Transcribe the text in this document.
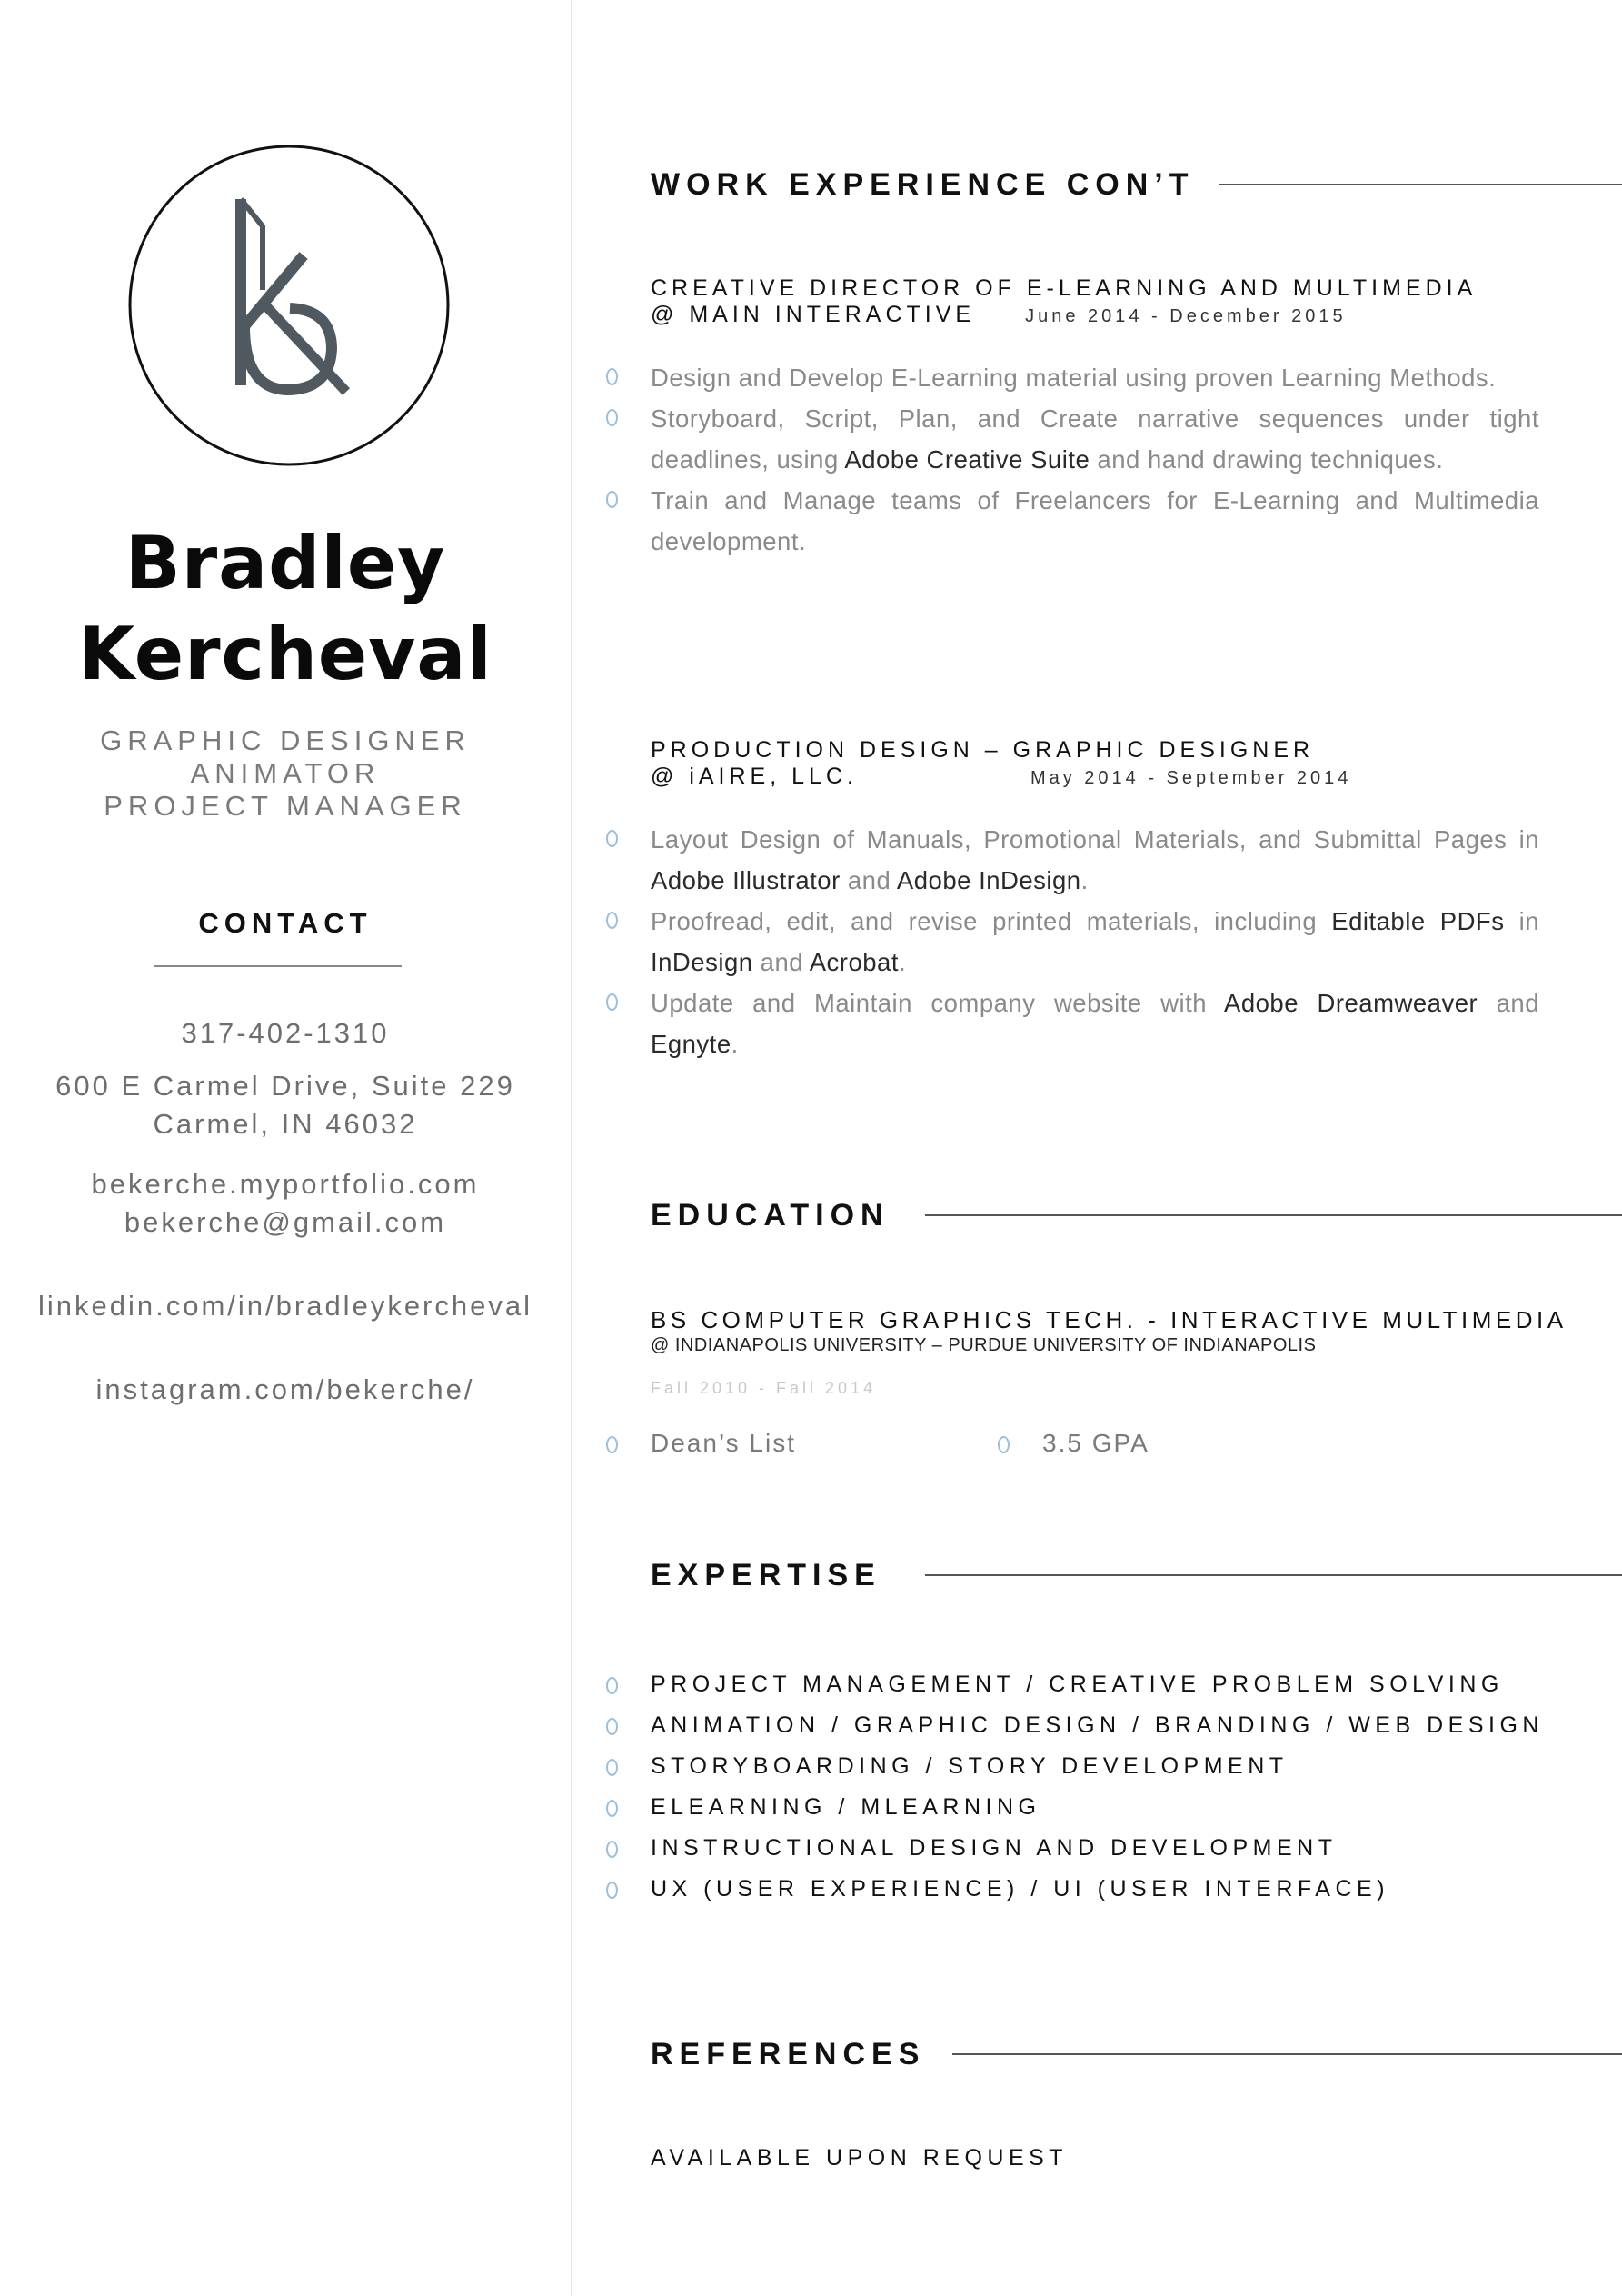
Bradley
Kercheval
GRAPHIC DESIGNER
ANIMATOR
PROJECT MANAGER
CONTACT
317-402-1310
600 E Carmel Drive, Suite 229
Carmel, IN 46032
bekerche.myportfolio.com
bekerche@gmail.com
linkedin.com/in/bradleykercheval
instagram.com/bekerche/
WORK EXPERIENCE CON’T
CREATIVE DIRECTOR OF E-LEARNING AND MULTIMEDIA
@ MAIN INTERACTIVE	June 2014 - December 2015
Design and Develop E-Learning material using proven Learning Methods.
Storyboard, Script, Plan, and Create narrative sequences under tight deadlines, using Adobe Creative Suite and hand drawing techniques.
Train and Manage teams of Freelancers for E-Learning and Multimedia development.
PRODUCTION DESIGN – GRAPHIC DESIGNER
@ iAIRE, LLC.	May 2014 - September 2014
Layout Design of Manuals, Promotional Materials, and Submittal Pages in Adobe Illustrator and Adobe InDesign.
Proofread, edit, and revise printed materials, including Editable PDFs in InDesign and Acrobat.
Update and Maintain company website with Adobe Dreamweaver and Egnyte.
EDUCATION
BS COMPUTER GRAPHICS TECH. - INTERACTIVE MULTIMEDIA
@ INDIANAPOLIS UNIVERSITY – PURDUE UNIVERSITY OF INDIANAPOLIS
Fall 2010 - Fall 2014
Dean’s List	3.5 GPA
EXPERTISE
PROJECT MANAGEMENT / CREATIVE PROBLEM SOLVING
ANIMATION / GRAPHIC DESIGN / BRANDING / WEB DESIGN
STORYBOARDING / STORY DEVELOPMENT
ELEARNING / MLEARNING
INSTRUCTIONAL DESIGN AND DEVELOPMENT
UX (USER EXPERIENCE) / UI (USER INTERFACE)
REFERENCES
AVAILABLE UPON REQUEST
